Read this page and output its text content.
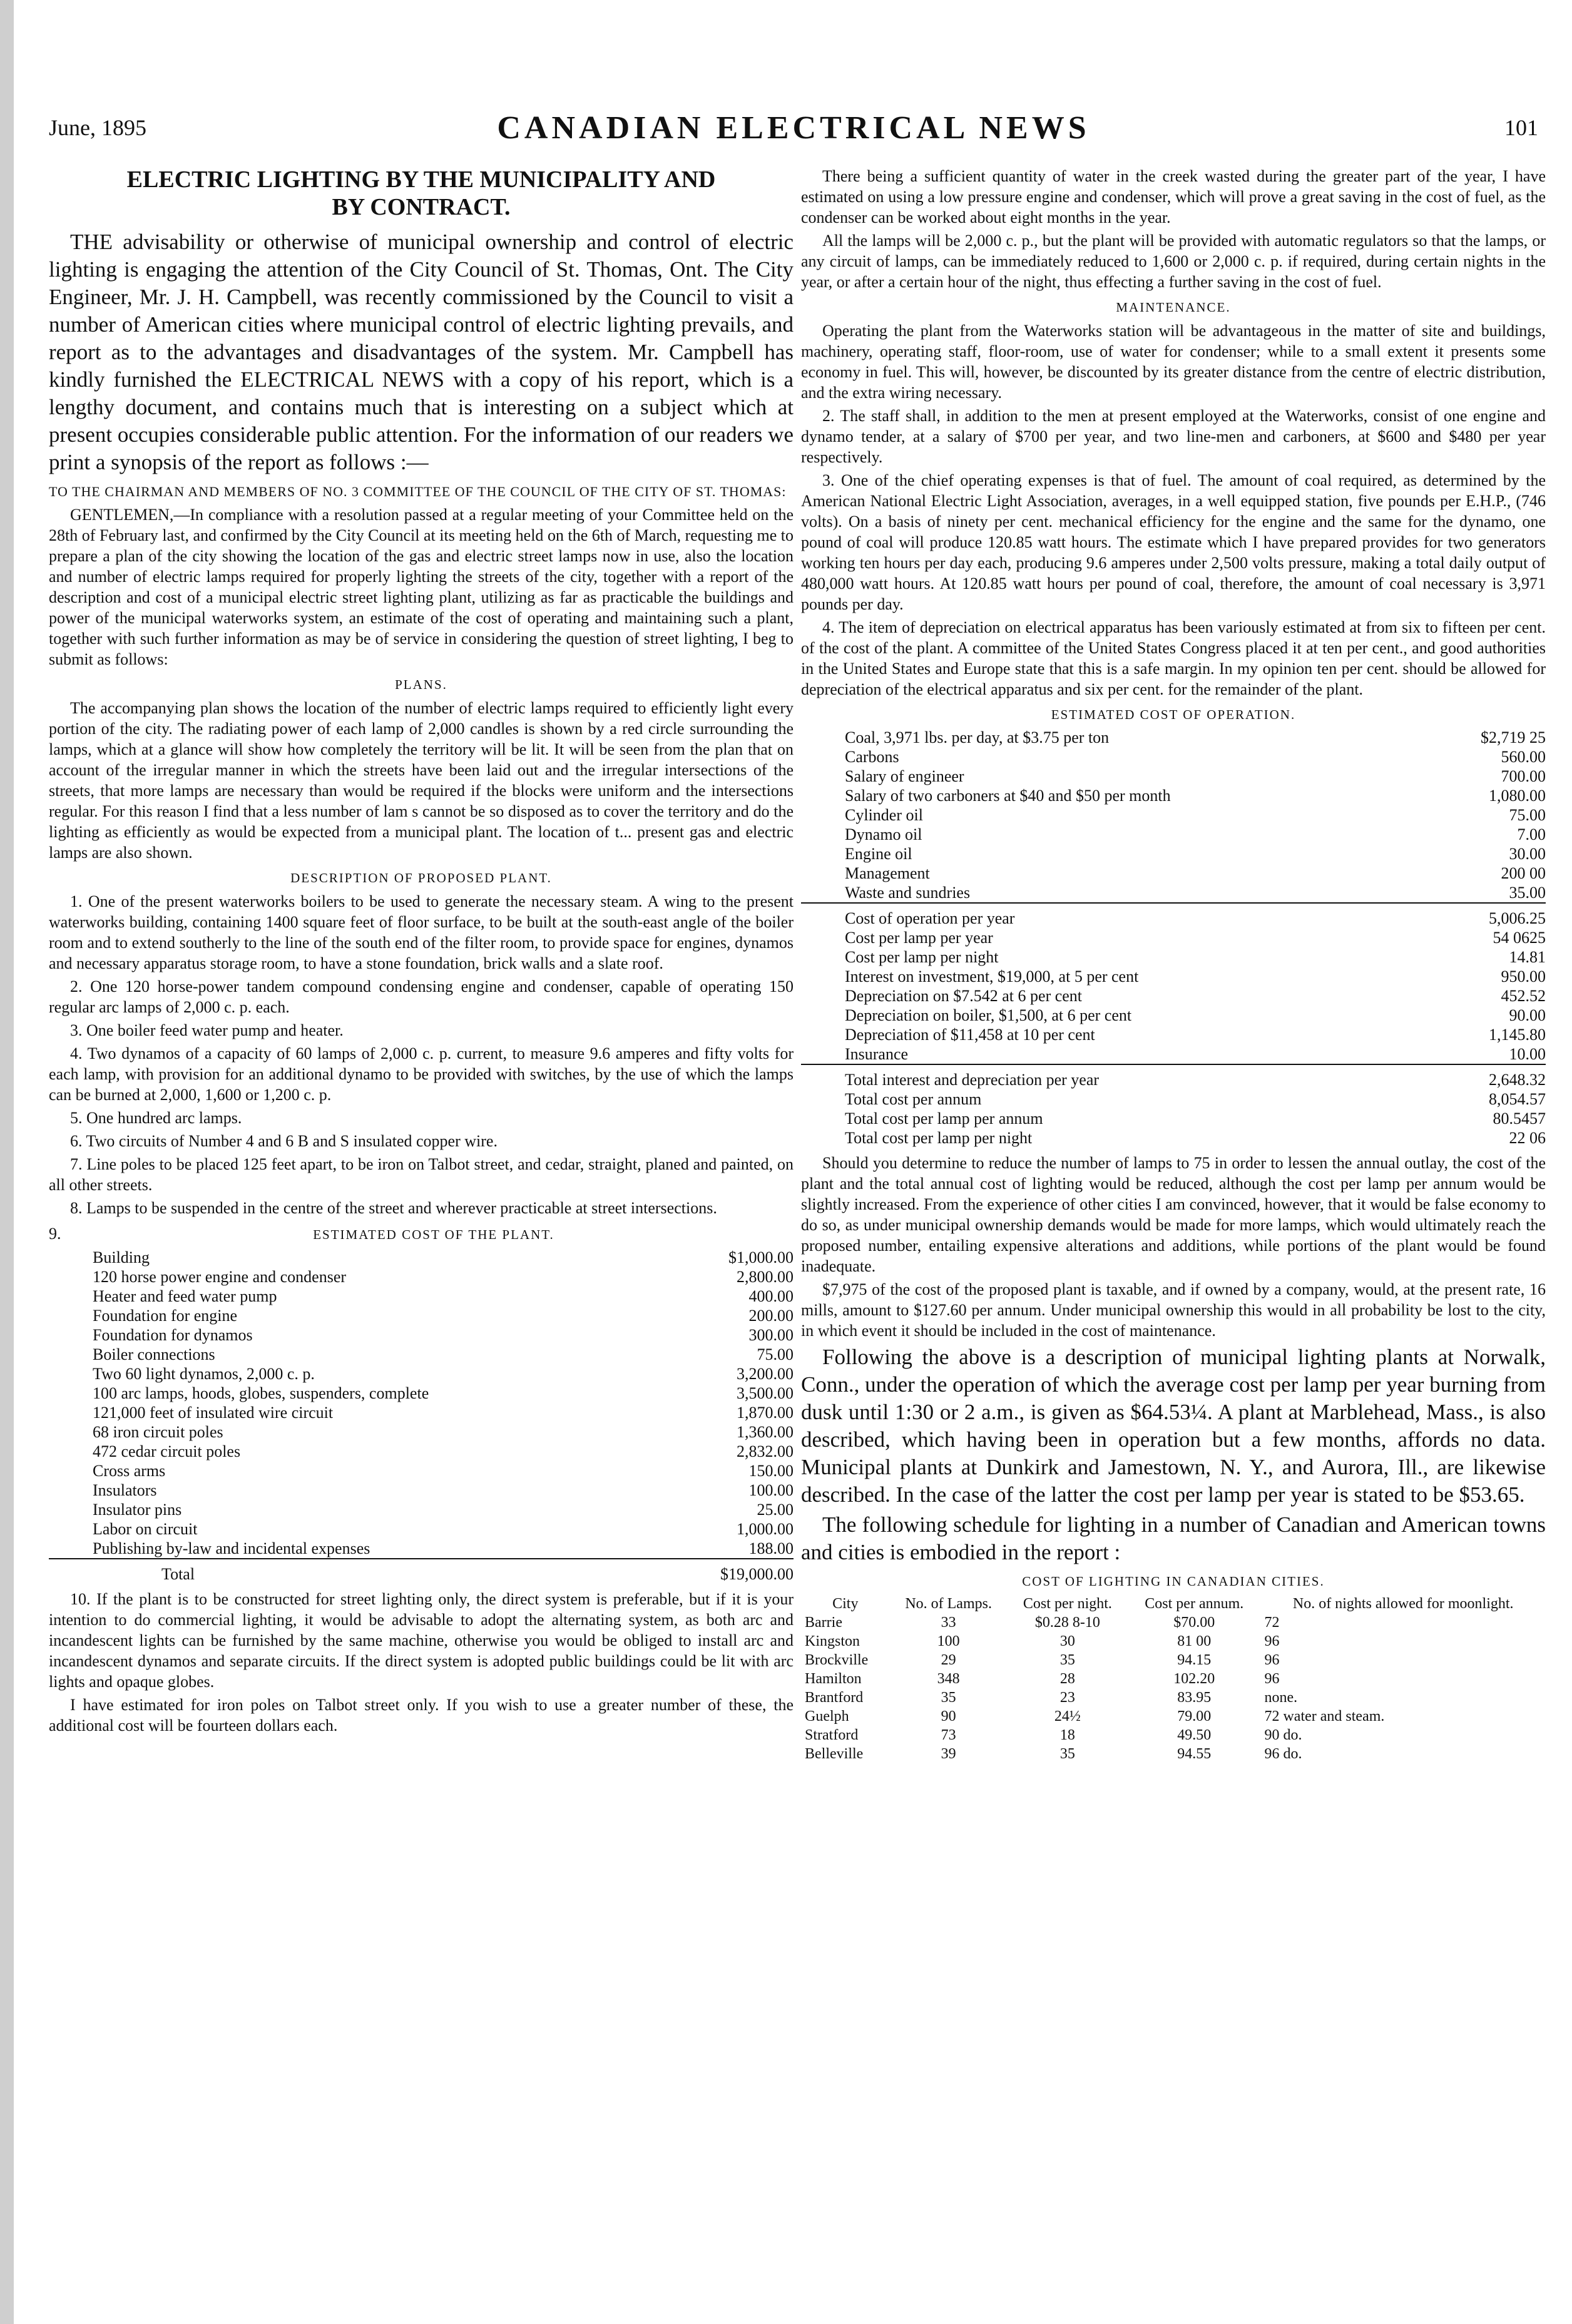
June, 1895	CANADIAN ELECTRICAL NEWS	101
ELECTRIC LIGHTING BY THE MUNICIPALITY AND
BY CONTRACT.

THE advisability or otherwise of municipal ownership and control of electric lighting is engaging the attention of the City Council of St. Thomas, Ont. The City Engineer, Mr. J. H. Campbell, was recently commissioned by the Council to visit a number of American cities where municipal control of electric lighting prevails, and report as to the advantages and disadvantages of the system. Mr. Campbell has kindly furnished the ELECTRICAL NEWS with a copy of his report, which is a lengthy document, and contains much that is interesting on a subject which at present occupies considerable public attention. For the information of our readers we print a synopsis of the report as follows :—

TO THE CHAIRMAN AND MEMBERS OF NO. 3 COMMITTEE OF THE COUNCIL OF THE CITY OF ST. THOMAS:

GENTLEMEN,—In compliance with a resolution passed at a regular meeting of your Committee held on the 28th of February last, and confirmed by the City Council at its meeting held on the 6th of March, requesting me to prepare a plan of the city showing the location of the gas and electric street lamps now in use, also the location and number of electric lamps required for properly lighting the streets of the city, together with a report of the description and cost of a municipal electric street lighting plant, utilizing as far as practicable the buildings and power of the municipal waterworks system, an estimate of the cost of operating and maintaining such a plant, together with such further information as may be of service in considering the question of street lighting, I beg to submit as follows:

PLANS.

The accompanying plan shows the location of the number of electric lamps required to efficiently light every portion of the city. The radiating power of each lamp of 2,000 candles is shown by a red circle surrounding the lamps, which at a glance will show how completely the territory will be lit. It will be seen from the plan that on account of the irregular manner in which the streets have been laid out and the irregular intersections of the streets, that more lamps are necessary than would be required if the blocks were uniform and the intersections regular. For this reason I find that a less number of lam s cannot be so disposed as to cover the territory and do the lighting as efficiently as would be expected from a municipal plant. The location of t... present gas and electric lamps are also shown.

DESCRIPTION OF PROPOSED PLANT.

1. One of the present waterworks boilers to be used to generate the necessary steam. A wing to the present waterworks building, containing 1400 square feet of floor surface, to be built at the south-east angle of the boiler room and to extend southerly to the line of the south end of the filter room, to provide space for engines, dynamos and necessary apparatus storage room, to have a stone foundation, brick walls and a slate roof.

2. One 120 horse-power tandem compound condensing engine and condenser, capable of operating 150 regular arc lamps of 2,000 c. p. each.

3. One boiler feed water pump and heater.

4. Two dynamos of a capacity of 60 lamps of 2,000 c. p. current, to measure 9.6 amperes and fifty volts for each lamp, with provision for an additional dynamo to be provided with switches, by the use of which the lamps can be burned at 2,000, 1,600 or 1,200 c. p.

5. One hundred arc lamps.

6. Two circuits of Number 4 and 6 B and S insulated copper wire.

7. Line poles to be placed 125 feet apart, to be iron on Talbot street, and cedar, straight, planed and painted, on all other streets.

8. Lamps to be suspended in the centre of the street and wherever practicable at street intersections.

9.	ESTIMATED COST OF THE PLANT.
Building	$1,000.00
120 horse power engine and condenser	2,800.00
Heater and feed water pump	400.00
Foundation for engine	200.00
Foundation for dynamos	300.00
Boiler connections	75.00
Two 60 light dynamos, 2,000 c. p.	3,200.00
100 arc lamps, hoods, globes, suspenders, complete	3,500.00
121,000 feet of insulated wire circuit	1,870.00
68 iron circuit poles	1,360.00
472 cedar circuit poles	2,832.00
Cross arms	150.00
Insulators	100.00
Insulator pins	25.00
Labor on circuit	1,000.00
Publishing by-law and incidental expenses	188.00
Total	$19,000.00

10. If the plant is to be constructed for street lighting only, the direct system is preferable, but if it is your intention to do commercial lighting, it would be advisable to adopt the alternating system, as both arc and incandescent lights can be furnished by the same machine, otherwise you would be obliged to install arc and incandescent dynamos and separate circuits. If the direct system is adopted public buildings could be lit with arc lights and opaque globes.

I have estimated for iron poles on Talbot street only. If you wish to use a greater number of these, the additional cost will be fourteen dollars each.

There being a sufficient quantity of water in the creek wasted during the greater part of the year, I have estimated on using a low pressure engine and condenser, which will prove a great saving in the cost of fuel, as the condenser can be worked about eight months in the year.

All the lamps will be 2,000 c. p., but the plant will be provided with automatic regulators so that the lamps, or any circuit of lamps, can be immediately reduced to 1,600 or 2,000 c. p. if required, during certain nights in the year, or after a certain hour of the night, thus effecting a further saving in the cost of fuel.

MAINTENANCE.

Operating the plant from the Waterworks station will be advantageous in the matter of site and buildings, machinery, operating staff, floor-room, use of water for condenser; while to a small extent it presents some economy in fuel. This will, however, be discounted by its greater distance from the centre of electric distribution, and the extra wiring necessary.

2. The staff shall, in addition to the men at present employed at the Waterworks, consist of one engine and dynamo tender, at a salary of $700 per year, and two line-men and carboners, at $600 and $480 per year respectively.

3. One of the chief operating expenses is that of fuel. The amount of coal required, as determined by the American National Electric Light Association, averages, in a well equipped station, five pounds per E.H.P., (746 volts). On a basis of ninety per cent. mechanical efficiency for the engine and the same for the dynamo, one pound of coal will produce 120.85 watt hours. The estimate which I have prepared provides for two generators working ten hours per day each, producing 9.6 amperes under 2,500 volts pressure, making a total daily output of 480,000 watt hours. At 120.85 watt hours per pound of coal, therefore, the amount of coal necessary is 3,971 pounds per day.

4. The item of depreciation on electrical apparatus has been variously estimated at from six to fifteen per cent. of the cost of the plant. A committee of the United States Congress placed it at ten per cent., and good authorities in the United States and Europe state that this is a safe margin. In my opinion ten per cent. should be allowed for depreciation of the electrical apparatus and six per cent. for the remainder of the plant.

ESTIMATED COST OF OPERATION.
Coal, 3,971 lbs. per day, at $3.75 per ton	$2,719 25
Carbons	560.00
Salary of engineer	700.00
Salary of two carboners at $40 and $50 per month	1,080.00
Cylinder oil	75.00
Dynamo oil	7.00
Engine oil	30.00
Management	200 00
Waste and sundries	35.00
Cost of operation per year	5,006.25
Cost per lamp per year	54 0625
Cost per lamp per night	14.81
Interest on investment, $19,000, at 5 per cent	950.00
Depreciation on $7.542 at 6 per cent	452.52
Depreciation on boiler, $1,500, at 6 per cent	90.00
Depreciation of $11,458 at 10 per cent	1,145.80
Insurance	10.00
Total interest and depreciation per year	2,648.32
Total cost per annum	8,054.57
Total cost per lamp per annum	80.5457
Total cost per lamp per night	22 06

Should you determine to reduce the number of lamps to 75 in order to lessen the annual outlay, the cost of the plant and the total annual cost of lighting would be reduced, although the cost per lamp per annum would be slightly increased. From the experience of other cities I am convinced, however, that it would be false economy to do so, as under municipal ownership demands would be made for more lamps, which would ultimately reach the proposed number, entailing expensive alterations and additions, while portions of the plant would be found inadequate.

$7,975 of the cost of the proposed plant is taxable, and if owned by a company, would, at the present rate, 16 mills, amount to $127.60 per annum. Under municipal ownership this would in all probability be lost to the city, in which event it should be included in the cost of maintenance.

Following the above is a description of municipal lighting plants at Norwalk, Conn., under the operation of which the average cost per lamp per year burning from dusk until 1:30 or 2 a.m., is given as $64.53¼. A plant at Marblehead, Mass., is also described, which having been in operation but a few months, affords no data. Municipal plants at Dunkirk and Jamestown, N. Y., and Aurora, Ill., are likewise described. In the case of the latter the cost per lamp per year is stated to be $53.65.

The following schedule for lighting in a number of Canadian and American towns and cities is embodied in the report :

COST OF LIGHTING IN CANADIAN CITIES.
City	No. of Lamps.	Cost per night.	Cost per annum.	No. of nights allowed for moonlight.
Barrie	33	$0.28 8-10	$70.00	72
Kingston	100	30	81 00	96
Brockville	29	35	94.15	96
Hamilton	348	28	102.20	96
Brantford	35	23	83.95	none.
Guelph	90	24½	79.00	72 water and steam.
Stratford	73	18	49.50	90 do.
Belleville	39	35	94.55	96 do.
